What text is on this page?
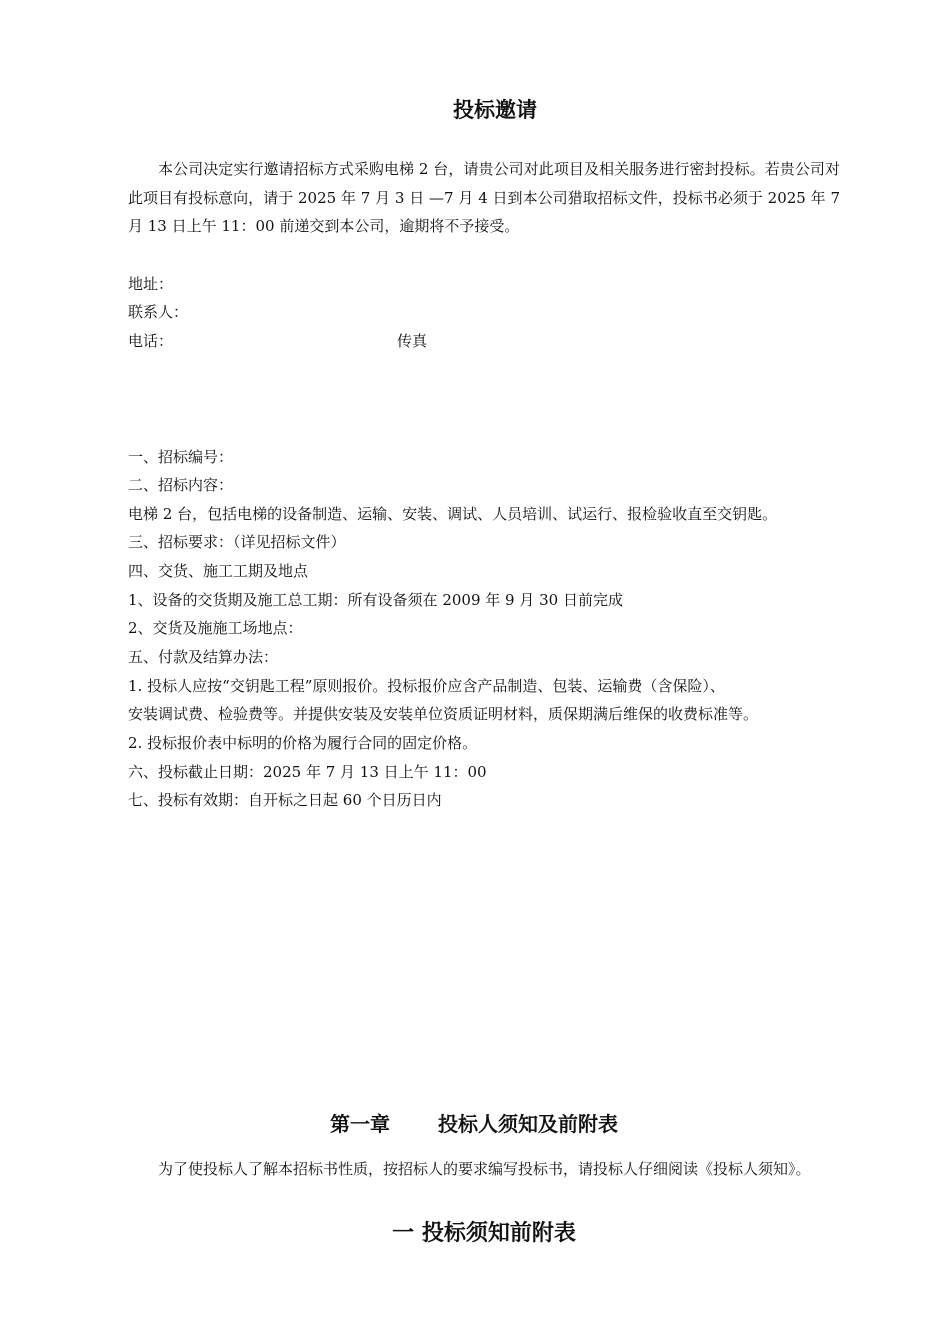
投标邀请
本公司决定实行邀请招标方式采购电梯 2 台，请贵公司对此项目及相关服务进行密封投标。若贵公司对此项目有投标意向，请于 2025 年 7 月 3 日 —7 月 4 日到本公司猎取招标文件，投标书必须于 2025 年 7 月 13 日上午 11：00 前递交到本公司，逾期将不予接受。
地址：
联系人：
电话：	传真
一、招标编号：
二、招标内容：
电梯 2 台，包括电梯的设备制造、运输、安装、调试、人员培训、试运行、报检验收直至交钥匙。
三、招标要求：（详见招标文件）
四、交货、施工工期及地点
1、设备的交货期及施工总工期：所有设备须在 2009 年 9 月 30 日前完成
2、交货及施施工场地点：
五、付款及结算办法：
1. 投标人应按“交钥匙工程”原则报价。投标报价应含产品制造、包装、运输费（含保险）、
安装调试费、检验费等。并提供安装及安装单位资质证明材料，质保期满后维保的收费标准等。
2. 投标报价表中标明的价格为履行合同的固定价格。
六、投标截止日期：2025 年 7 月 13 日上午 11：00
七、投标有效期：自开标之日起 60 个日历日内
第一章 投标人须知及前附表
为了使投标人了解本招标书性质，按招标人的要求编写投标书，请投标人仔细阅读《投标人须知》。
一 投标须知前附表
